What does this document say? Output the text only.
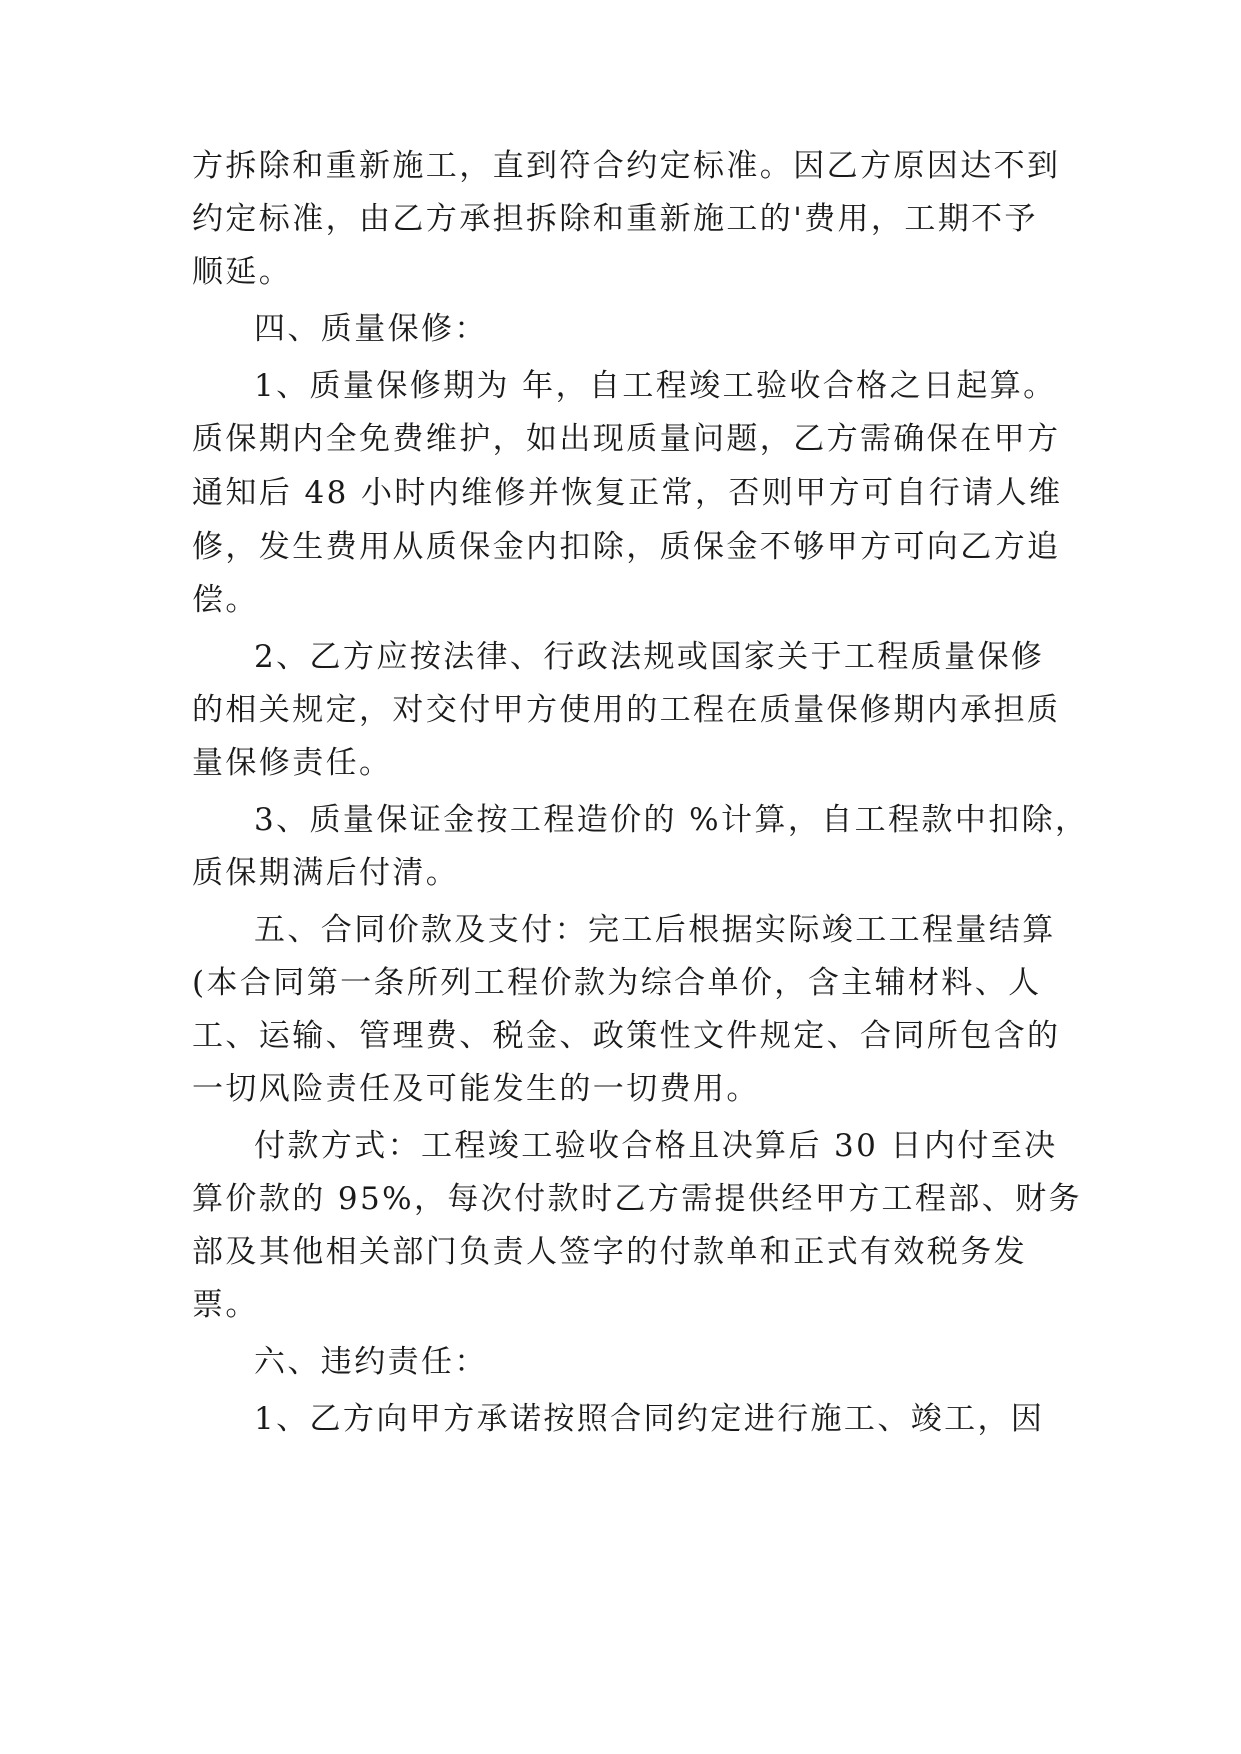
方拆除和重新施工，直到符合约定标准。因乙方原因达不到
约定标准，由乙方承担拆除和重新施工的'费用，工期不予
顺延。
四、质量保修：
1、质量保修期为 年，自工程竣工验收合格之日起算。
质保期内全免费维护，如出现质量问题，乙方需确保在甲方
通知后 48 小时内维修并恢复正常，否则甲方可自行请人维
修，发生费用从质保金内扣除，质保金不够甲方可向乙方追
偿。
2、乙方应按法律、行政法规或国家关于工程质量保修
的相关规定，对交付甲方使用的工程在质量保修期内承担质
量保修责任。
3、质量保证金按工程造价的 %计算，自工程款中扣除，
质保期满后付清。
五、合同价款及支付：完工后根据实际竣工工程量结算
(本合同第一条所列工程价款为综合单价，含主辅材料、人
工、运输、管理费、税金、政策性文件规定、合同所包含的
一切风险责任及可能发生的一切费用。
付款方式：工程竣工验收合格且决算后 30 日内付至决
算价款的 95%，每次付款时乙方需提供经甲方工程部、财务
部及其他相关部门负责人签字的付款单和正式有效税务发
票。
六、违约责任：
1、乙方向甲方承诺按照合同约定进行施工、竣工，因
